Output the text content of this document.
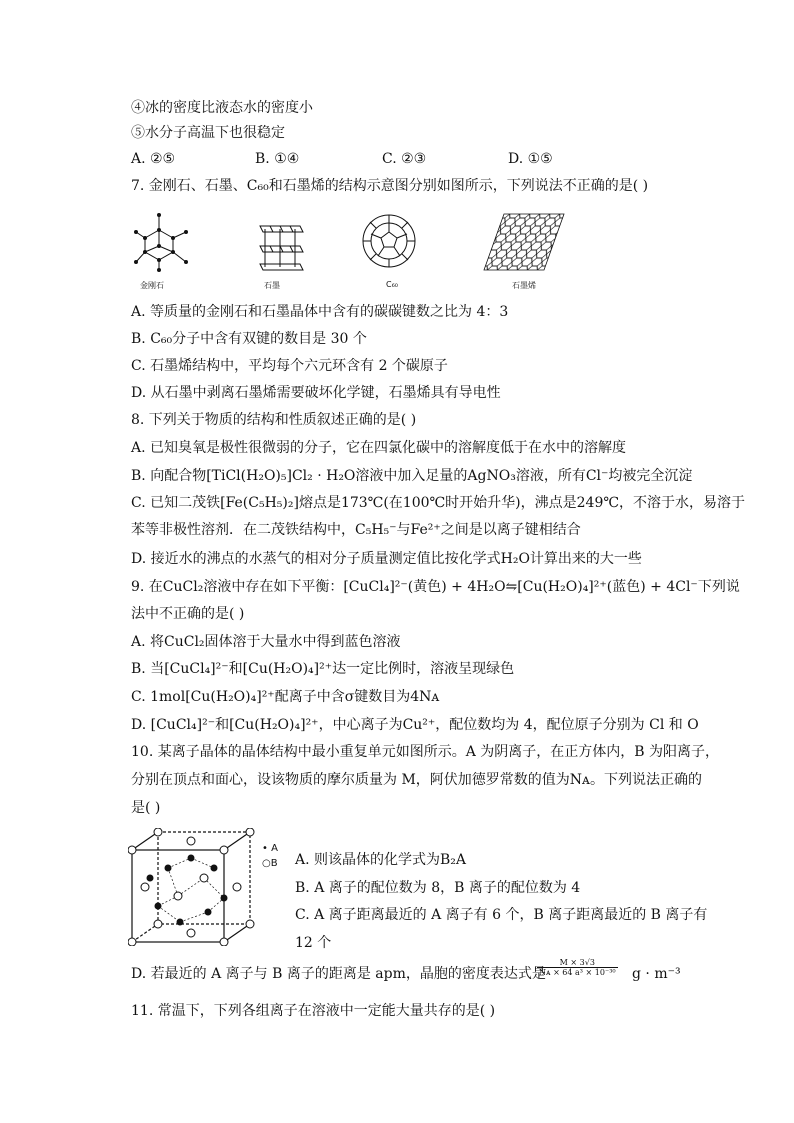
④冰的密度比液态水的密度小
⑤水分子高温下也很稳定
A. ②⑤	B. ①④	C. ②③	D. ①⑤
7. 金刚石、石墨、C₆₀和石墨烯的结构示意图分别如图所示，下列说法不正确的是( )
金刚石	石墨	C₆₀	石墨烯
A. 等质量的金刚石和石墨晶体中含有的碳碳键数之比为 4：3
B. C₆₀分子中含有双键的数目是 30 个
C. 石墨烯结构中，平均每个六元环含有 2 个碳原子
D. 从石墨中剥离石墨烯需要破坏化学键，石墨烯具有导电性
8. 下列关于物质的结构和性质叙述正确的是( )
A. 已知臭氧是极性很微弱的分子，它在四氯化碳中的溶解度低于在水中的溶解度
B. 向配合物[TiCl(H₂O)₅]Cl₂ · H₂O溶液中加入足量的AgNO₃溶液，所有Cl⁻均被完全沉淀
C. 已知二茂铁[Fe(C₅H₅)₂]熔点是173℃(在100℃时开始升华)，沸点是249℃，不溶于水，易溶于
苯等非极性溶剂．在二茂铁结构中，C₅H₅⁻与Fe²⁺之间是以离子键相结合
D. 接近水的沸点的水蒸气的相对分子质量测定值比按化学式H₂O计算出来的大一些
9. 在CuCl₂溶液中存在如下平衡：[CuCl₄]²⁻(黄色) + 4H₂O⇋[Cu(H₂O)₄]²⁺(蓝色) + 4Cl⁻下列说
法中不正确的是( )
A. 将CuCl₂固体溶于大量水中得到蓝色溶液
B. 当[CuCl₄]²⁻和[Cu(H₂O)₄]²⁺达一定比例时，溶液呈现绿色
C. 1mol[Cu(H₂O)₄]²⁺配离子中含σ键数目为4Nᴀ
D. [CuCl₄]²⁻和[Cu(H₂O)₄]²⁺，中心离子为Cu²⁺，配位数均为 4，配位原子分别为 Cl 和 O
10. 某离子晶体的晶体结构中最小重复单元如图所示。A 为阴离子，在正方体内，B 为阳离子，
分别在顶点和面心，设该物质的摩尔质量为 M，阿伏加德罗常数的值为Nᴀ。下列说法正确的
是( )
• A
○B A. 则该晶体的化学式为B₂A
B. A 离子的配位数为 8，B 离子的配位数为 4
C. A 离子距离最近的 A 离子有 6 个，B 离子距离最近的 B 离子有
12 个
D. 若最近的 A 离子与 B 离子的距离是 apm，晶胞的密度表达式是
$\frac{M \times 3√3}{\text{Nᴀ × 64 a³ × 10⁻³⁰}}$ g · m⁻³
11. 常温下，下列各组离子在溶液中一定能大量共存的是( )
